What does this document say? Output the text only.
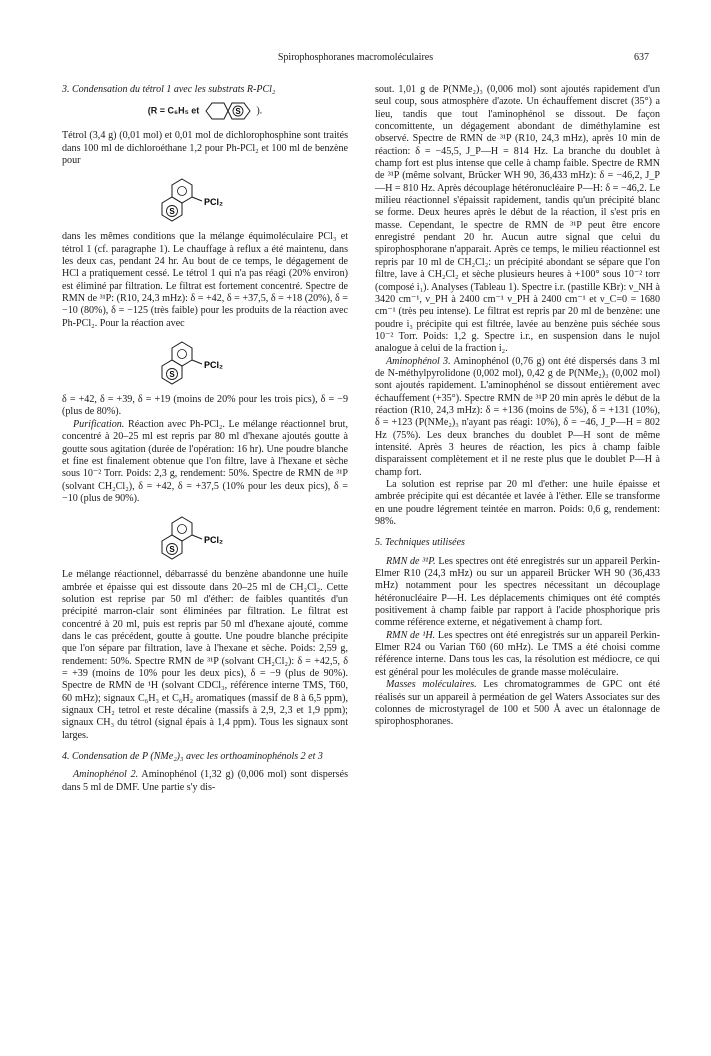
Spirophosphoranes macromoléculaires	637

3. Condensation du tétrol 1 avec les substrats R-PCl₂

(R = C₆H₅ et	S ).

Tétrol (3,4 g) (0,01 mol) et 0,01 mol de dichlorophosphine sont traités dans 100 ml de dichloroéthane 1,2 pour Ph-PCl₂ et 100 ml de benzène pour

S
PCl₂

dans les mêmes conditions que la mélange équimoléculaire PCl₃ et tétrol 1 (cf. paragraphe 1). Le chauffage à reflux a été maintenu, dans les deux cas, pendant 24 hr. Au bout de ce temps, le dégagement de HCl a pratiquement cessé. Le tétrol 1 qui n'a pas réagi (20% environ) est éliminé par filtration. Le filtrat est fortement concentré. Spectre de RMN de ³¹P: (R10, 24,3 mHz): δ = +42, δ = +37,5, δ = +18 (20%), δ = −10 (80%), δ = −125 (très faible) pour les produits de la réaction avec Ph-PCl₂. Pour la réaction avec

S
PCl₂

δ = +42, δ = +39, δ = +19 (moins de 20% pour les trois pics), δ = −9 (plus de 80%).

Purification. Réaction avec Ph-PCl₂. Le mélange réactionnel brut, concentré à 20–25 ml est repris par 80 ml d'hexane ajoutés goutte à goutte sous agitation (durée de l'opération: 16 hr). Une poudre blanche et fine est finalement obtenue que l'on filtre, lave à l'hexane et sèche sous 10⁻² Torr. Poids: 2,3 g, rendement: 50%. Spectre de RMN de ³¹P (solvant CH₂Cl₂), δ = +42, δ = +37,5 (10% pour les deux pics), δ = −10 (plus de 90%).

S
PCl₂

Le mélange réactionnel, débarrassé du benzène abandonne une huile ambrée et épaisse qui est dissoute dans 20–25 ml de CH₂Cl₂. Cette solution est reprise par 50 ml d'éther: de faibles quantités d'un précipité marron-clair sont éliminées par filtration. Le filtrat est concentré à 20 ml, puis est repris par 50 ml d'hexane ajouté, comme dans le cas précédent, goutte à goutte. Une poudre blanche précipite que l'on sépare par filtration, lave à l'hexane et sèche. Poids: 2,59 g, rendement: 50%. Spectre RMN de ³¹P (solvant CH₂Cl₂): δ = +42,5, δ = +39 (moins de 10% pour les deux pics), δ = −9 (plus de 90%). Spectre de RMN de ¹H (solvant CDCl₃, référence interne TMS, T60, 60 mHz); signaux C₆H₃ et C₆H₂ aromatiques (massif de 8 à 6,5 ppm), signaux CH₂ tetrol et reste décaline (massifs à 2,9, 2,3 et 1,9 ppm); signaux CH₃ du tétrol (signal épais à 1,4 ppm). Tous les signaux sont larges.

4. Condensation de P (NMe₂)₃ avec les orthoaminophénols 2 et 3

Aminophénol 2. Aminophénol (1,32 g) (0,006 mol) sont dispersés dans 5 ml de DMF. Une partie s'y dis-

sout. 1,01 g de P(NMe₂)₃ (0,006 mol) sont ajoutés rapidement d'un seul coup, sous atmosphère d'azote. Un échauffement discret (35°) a lieu, tandis que tout l'aminophénol se dissout. De façon concomittente, un dégagement abondant de diméthylamine est observé. Spectre de RMN de ³¹P (R10, 24,3 mHz), après 10 min de réaction: δ = −45,5, J_P—H = 814 Hz. La branche du doublet à champ fort est plus intense que celle à champ faible. Spectre de RMN de ³¹P (même solvant, Brücker WH 90, 36,433 mHz): δ = −46,2, J_P—H = 810 Hz. Après découplage hétéronucléaire P—H: δ = −46,2. Le milieu réactionnel s'épaissit rapidement, tandis qu'un précipité blanc se forme. Deux heures après le début de la réaction, il s'est pris en masse. Cependant, le spectre de RMN de ³¹P peut être encore enregistré pendant 20 hr. Aucun autre signal que celui du spirophosphorane n'apparait. Après ce temps, le milieu réactionnel est repris par 10 ml de CH₂Cl₂: un précipité abondant se sépare que l'on filtre, lave à CH₂Cl₂ et sèche plusieurs heures à +100° sous 10⁻² torr (composé i₁). Analyses (Tableau 1). Spectre i.r. (pastille KBr): ν_NH à 3420 cm⁻¹, ν_PH à 2400 cm⁻¹ ν_PH à 2400 cm⁻¹ et ν_C=0 = 1680 cm⁻¹ (très peu intense). Le filtrat est repris par 20 ml de benzène: une poudre i₃ précipite qui est filtrée, lavée au benzène puis séchée sous 10⁻² Torr. Poids: 1,2 g. Spectre i.r., en suspension dans le nujol analogue à celui de la fraction i₂.

Aminophénol 3. Aminophénol (0,76 g) ont été dispersés dans 3 ml de N-méthylpyrolidone (0,002 mol), 0,42 g de P(NMe₂)₃ (0,002 mol) sont ajoutés rapidement. L'aminophénol se dissout entièrement avec échauffement (+35°). Spectre RMN de ³¹P 20 min après le début de la réaction (R10, 24,3 mHz): δ = +136 (moins de 5%), δ = +131 (10%), δ = +123 (P(NMe₂)₃ n'ayant pas réagi: 10%), δ = −46, J_P—H = 802 Hz (75%). Les deux branches du doublet P—H sont de même intensité. Après 3 heures de réaction, les pics à champ faible disparaissent complètement et il ne reste plus que le doublet P—H à champ fort.

La solution est reprise par 20 ml d'ether: une huile épaisse et ambrée précipite qui est décantée et lavée à l'èther. Elle se transforme en une poudre légrement teintée en marron. Poids: 0,6 g, rendement: 98%.

5. Techniques utilisées

RMN de ³¹P. Les spectres ont été enregistrés sur un appareil Perkin-Elmer R10 (24,3 mHz) ou sur un appareil Brücker WH 90 (36,433 mHz) notamment pour les spectres nécessitant un découplage hétéronucléaire P—H. Les déplacements chimiques ont été comptés positivement à champ faible par rapport à l'acide phosphorique pris comme référence externe, et négativement à champ fort.

RMN de ¹H. Les spectres ont été enregistrés sur un appareil Perkin-Elmer R24 ou Varian T60 (60 mHz). Le TMS a été choisi comme référence interne. Dans tous les cas, la résolution est médiocre, ce qui est général pour les molécules de grande masse moléculaire.

Masses moléculaires. Les chromatogrammes de GPC ont été réalisés sur un appareil à perméation de gel Waters Associates sur des colonnes de microstyragel de 100 et 500 Å avec un étalonnage de spirophosphoranes.
